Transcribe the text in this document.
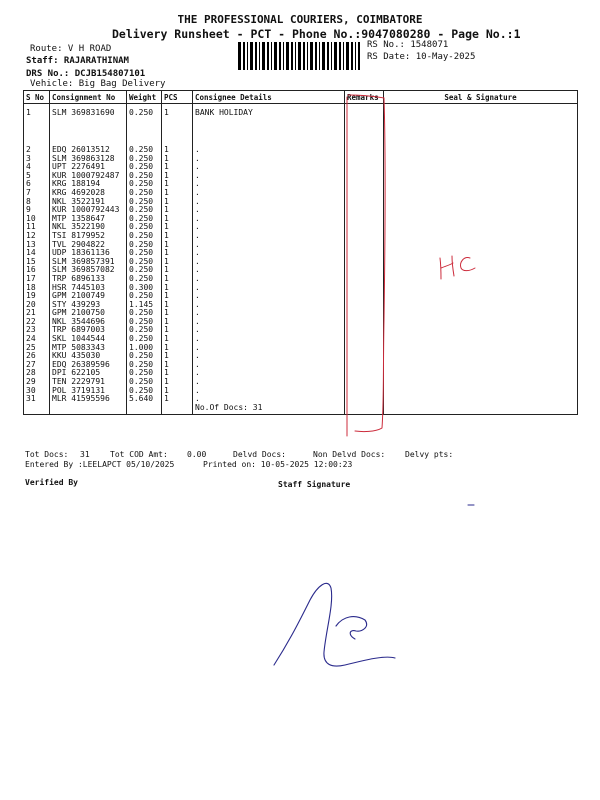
THE PROFESSIONAL COURIERS, COIMBATORE
Delivery Runsheet - PCT - Phone No.:9047080280 - Page No.:1
Route: V H ROAD
Staff: RAJARATHINAM
DRS No.: DCJB154807101
Vehicle: Big Bag Delivery
RS No.: 1548071
RS Date: 10-May-2025
S No	Consignment No	Weight	PCS	Consignee Details	Remarks	Seal & Signature
1	SLM 369831690	0.250	1	BANK HOLIDAY		
2	EDQ 26013512	0.250	1	.		
3	SLM 369863128	0.250	1	.		
4	UPT 2276491	0.250	1	.		
5	KUR 1000792487	0.250	1	.		
6	KRG 188194	0.250	1	.		
7	KRG 4692028	0.250	1	.		
8	NKL 3522191	0.250	1	.		
9	KUR 1000792443	0.250	1	.		
10	MTP 1358647	0.250	1	.		
11	NKL 3522190	0.250	1	.		
12	TSI 8179952	0.250	1	.		
13	TVL 2904822	0.250	1	.		
14	UDP 18361136	0.250	1	.		
15	SLM 369857391	0.250	1	.		
16	SLM 369857082	0.250	1	.		
17	TRP 6896133	0.250	1	.		
18	HSR 7445103	0.300	1	.		
19	GPM 2100749	0.250	1	.		
20	STY 439293	1.145	1	.		
21	GPM 2100750	0.250	1	.		
22	NKL 3544696	0.250	1	.		
23	TRP 6897003	0.250	1	.		
24	SKL 1044544	0.250	1	.		
25	MTP 5083343	1.000	1	.		
26	KKU 435030	0.250	1	.		
27	EDQ 26389596	0.250	1	.		
28	DPI 622105	0.250	1	.		
29	TEN 2229791	0.250	1	.		
30	POL 3719131	0.250	1	.		
31	MLR 41595596	5.640	1	.		
				No.Of Docs: 31		
Tot Docs: 31	Tot COD Amt: 0.00	Delvd Docs:	Non Delvd Docs: Delvy pts:
Entered By :LEELAPCT 05/10/2025	Printed on: 10-05-2025 12:00:23
Verified By	Staff Signature
